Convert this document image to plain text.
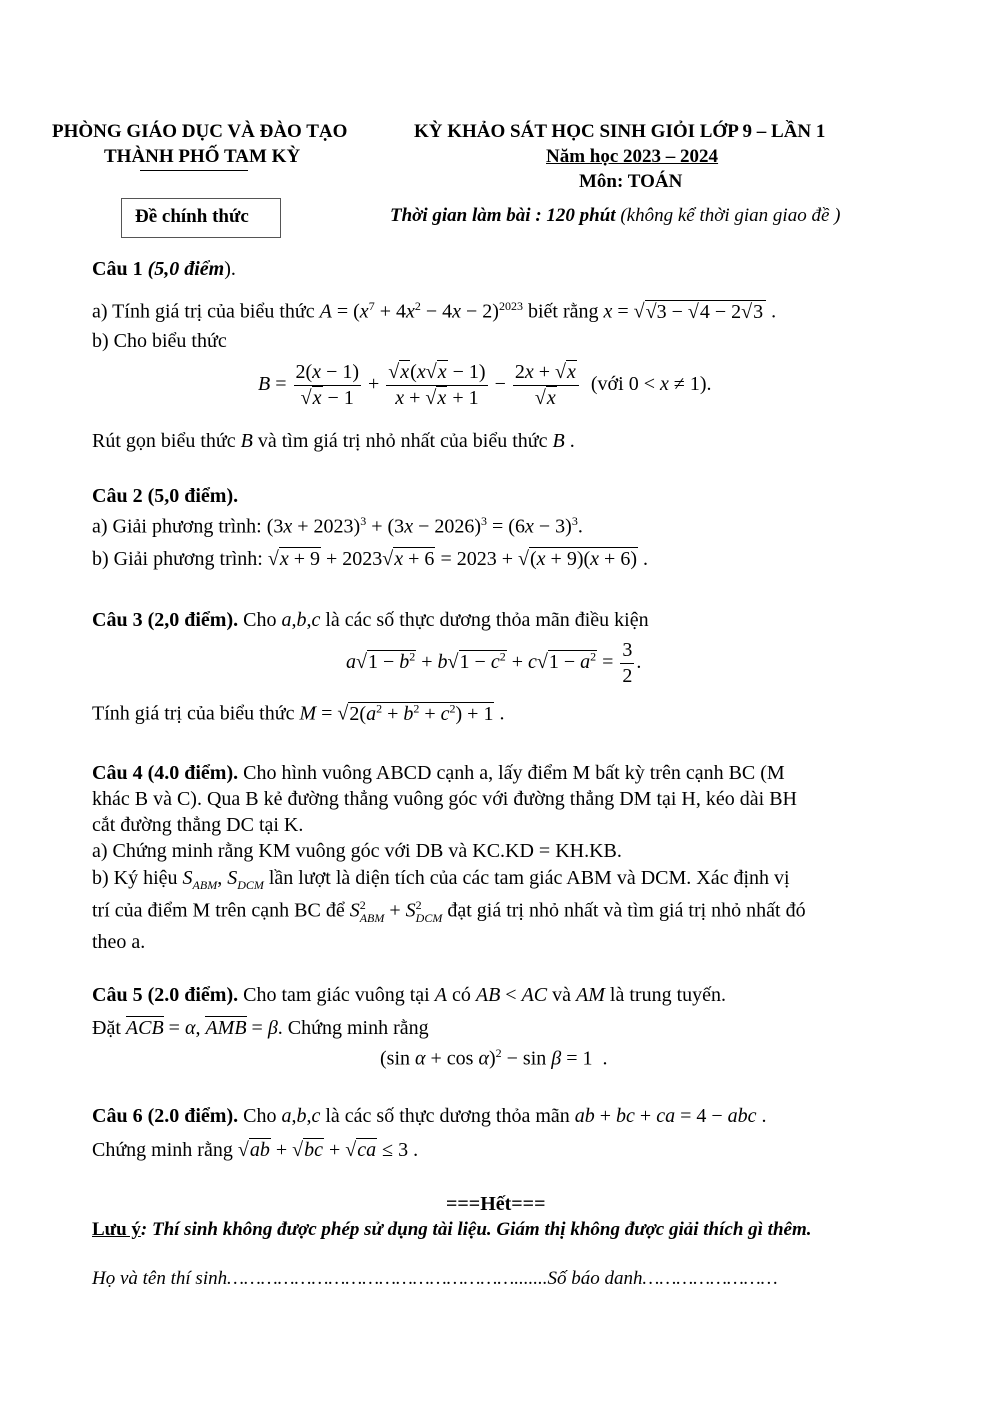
PHÒNG GIÁO DỤC VÀ ĐÀO TẠO
THÀNH PHỐ TAM KỲ
KỲ KHẢO SÁT HỌC SINH GIỎI LỚP 9 – LẦN 1
Năm học 2023 – 2024
Môn: TOÁN
Đề chính thức	Thời gian làm bài : 120 phút (không kể thời gian giao đề )
Câu 1 (5,0 điểm).
a) Tính giá trị của biểu thức $A = (x^7 + 4x^2 - 4x - 2)^{2023}$ biết rằng x = √√3 − √4 − 2√3 .
b) Cho biểu thức
$B = \frac{2(x - 1)}{√x - 1} + \frac{√x(x√x - 1)}{x + √x + 1} - \frac{2x + √x}{√x}$ (với 0 < x ≠ 1).
Rút gọn biểu thức B và tìm giá trị nhỏ nhất của biểu thức B .
Câu 2 (5,0 điểm).
a) Giải phương trình: $(3x + 2023)^3 + (3x - 2026)^3 = (6x - 3)^3$.
b) Giải phương trình: √x + 9 + 2023√x + 6 = 2023 + √(x + 9)(x + 6) .
Câu 3 (2,0 điểm). Cho a,b,c là các số thực dương thỏa mãn điều kiện
$a√1 - b^2 + b√1 - c^2 + c√1 - a^2 = \frac{3}{2}$ .
Tính giá trị của biểu thức $M = √2(a^2 + b^2 + c^2) + 1$ .
Câu 4 (4.0 điểm). Cho hình vuông ABCD cạnh a, lấy điểm M bất kỳ trên cạnh BC (M
khác B và C). Qua B kẻ đường thẳng vuông góc với đường thẳng DM tại H, kéo dài BH
cắt đường thẳng DC tại K.
a) Chứng minh rằng KM vuông góc với DB và KC.KD = KH.KB.
b) Ký hiệu $S_{ABM}$, $S_{DCM}$ lần lượt là diện tích của các tam giác ABM và DCM. Xác định vị
trí của điểm M trên cạnh BC để $S^2_{ABM} + S^2_{DCM}$ đạt giá trị nhỏ nhất và tìm giá trị nhỏ nhất đó
theo a.
Câu 5 (2.0 điểm). Cho tam giác vuông tại A có AB < AC và AM là trung tuyến.
Đặt ACB = α, AMB = β. Chứng minh rằng
(sin α + cos α)$^2$ − sin β = 1  .
Câu 6 (2.0 điểm). Cho a,b,c là các số thực dương thỏa mãn ab + bc + ca = 4 − abc .
Chứng minh rằng √ab + √bc + √ca ≤ 3 .
===Hết===
Lưu ý: Thí sinh không được phép sử dụng tài liệu. Giám thị không được giải thích gì thêm.
Họ và tên thí sinh…………………………………………….......Số báo danh……………………
